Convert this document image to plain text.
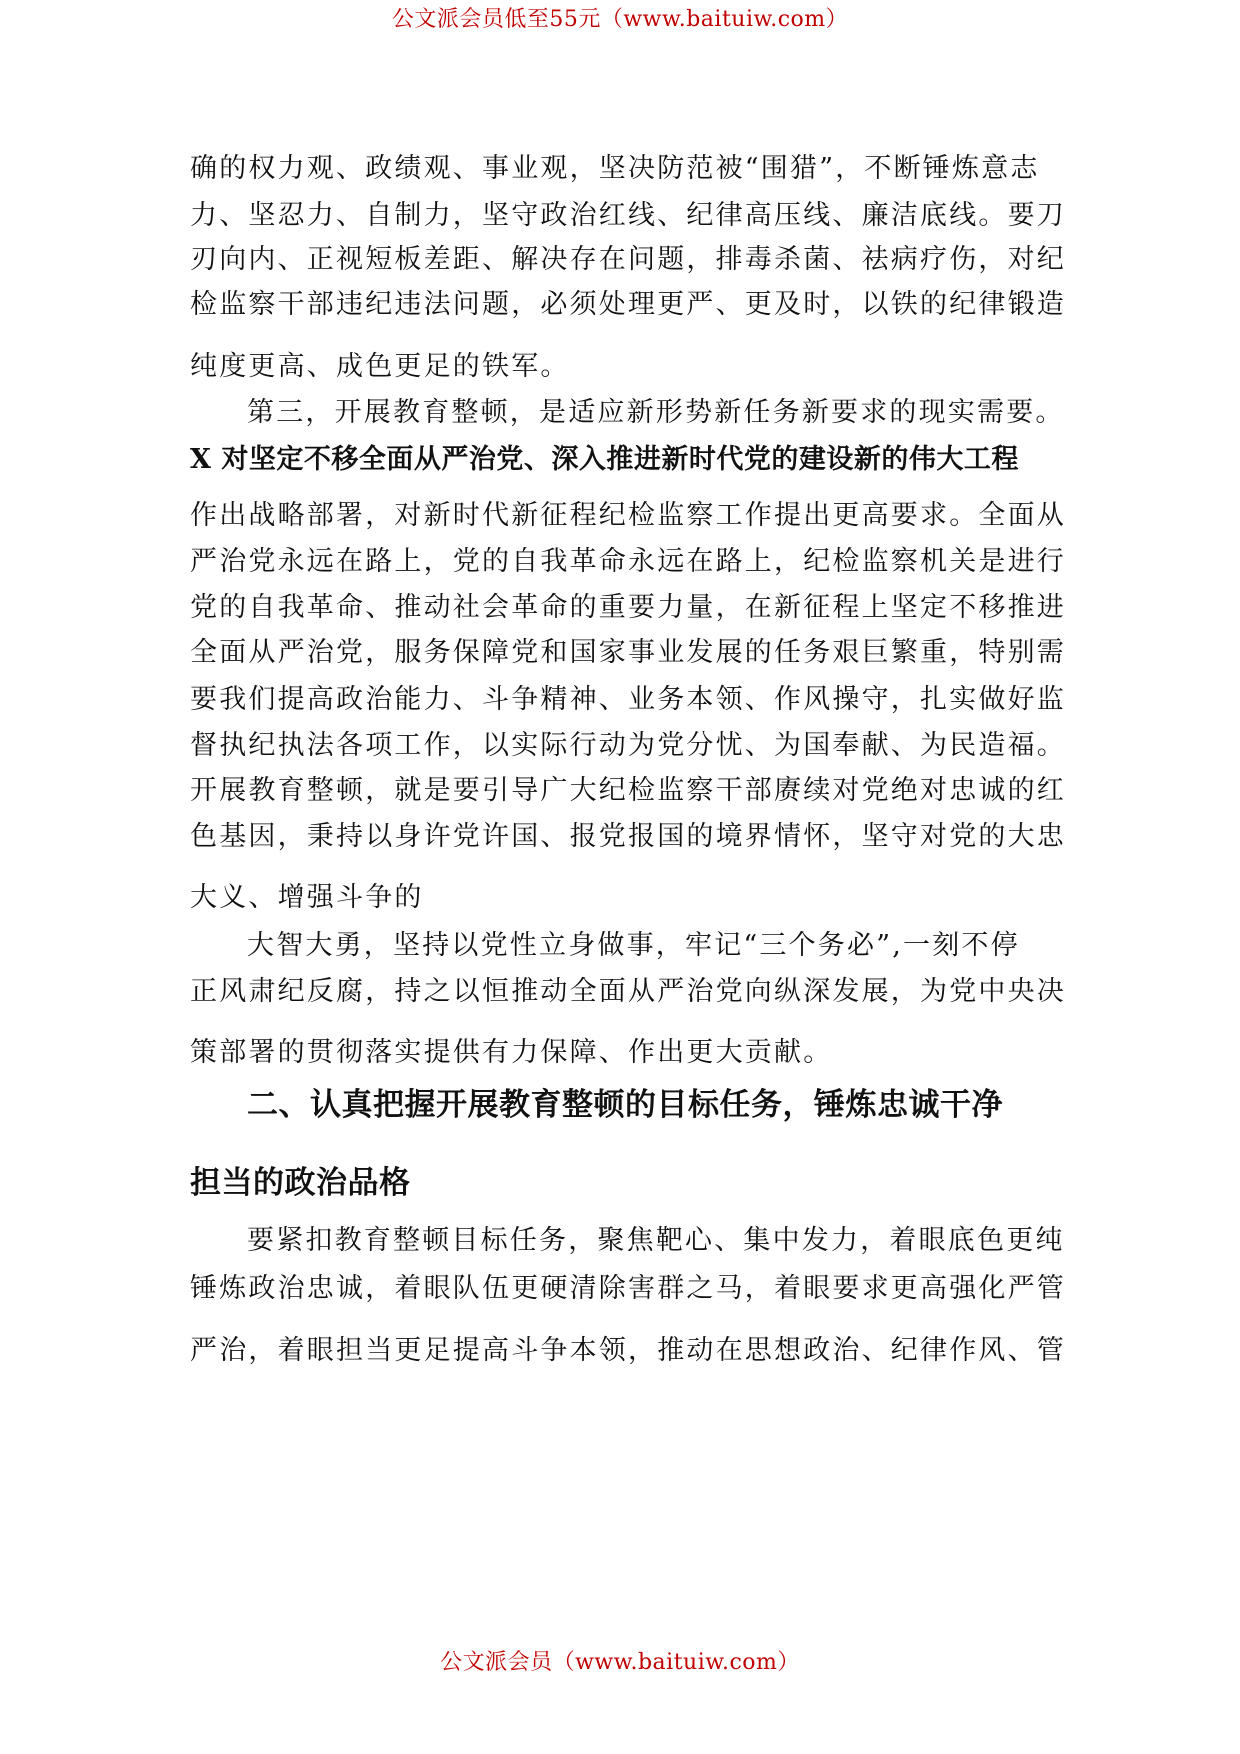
公文派会员低至55元（www.baituiw.com）
确的权力观、政绩观、事业观，坚决防范被“围猎”，不断锤炼意志
力、坚忍力、自制力，坚守政治红线、纪律高压线、廉洁底线。要刀
刃向内、正视短板差距、解决存在问题，排毒杀菌、祛病疗伤，对纪
检监察干部违纪违法问题，必须处理更严、更及时，以铁的纪律锻造
纯度更高、成色更足的铁军。
第三，开展教育整顿，是适应新形势新任务新要求的现实需要。
X 对坚定不移全面从严治党、深入推进新时代党的建设新的伟大工程
作出战略部署，对新时代新征程纪检监察工作提出更高要求。全面从
严治党永远在路上，党的自我革命永远在路上，纪检监察机关是进行
党的自我革命、推动社会革命的重要力量，在新征程上坚定不移推进
全面从严治党，服务保障党和国家事业发展的任务艰巨繁重，特别需
要我们提高政治能力、斗争精神、业务本领、作风操守，扎实做好监
督执纪执法各项工作，以实际行动为党分忧、为国奉献、为民造福。
开展教育整顿，就是要引导广大纪检监察干部赓续对党绝对忠诚的红
色基因，秉持以身许党许国、报党报国的境界情怀，坚守对党的大忠
大义、增强斗争的
大智大勇，坚持以党性立身做事，牢记“三个务必”,一刻不停
正风肃纪反腐，持之以恒推动全面从严治党向纵深发展，为党中央决
策部署的贯彻落实提供有力保障、作出更大贡献。
二、认真把握开展教育整顿的目标任务，锤炼忠诚干净
担当的政治品格
要紧扣教育整顿目标任务，聚焦靶心、集中发力，着眼底色更纯
锤炼政治忠诚，着眼队伍更硬清除害群之马，着眼要求更高强化严管
严治，着眼担当更足提高斗争本领，推动在思想政治、纪律作风、管
公文派会员（www.baituiw.com）
